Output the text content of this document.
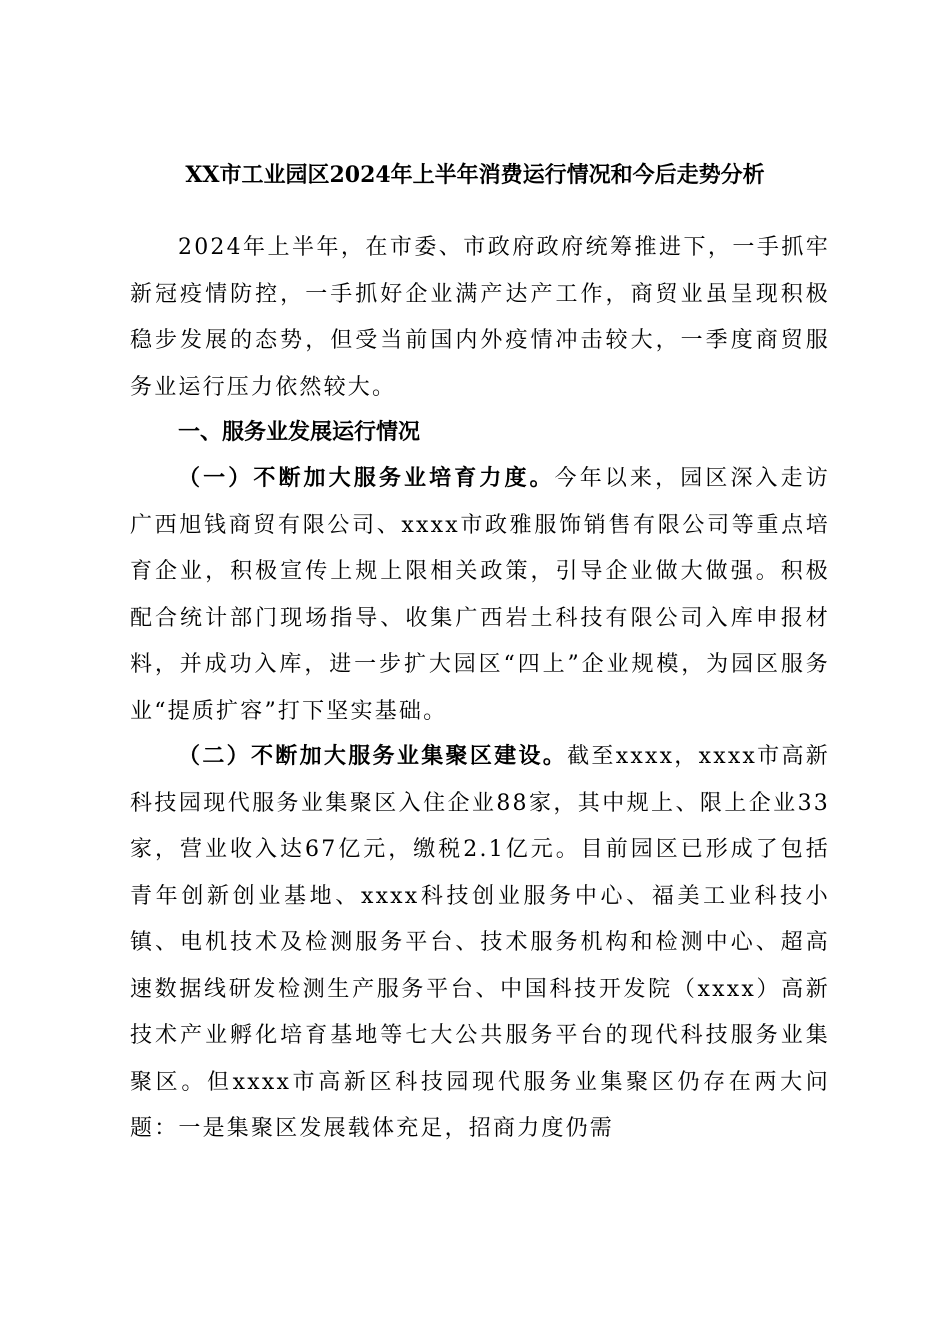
XX市工业园区2024年上半年消费运行情况和今后走势分析

2024年上半年，在市委、市政府政府统筹推进下，一手抓牢新冠疫情防控，一手抓好企业满产达产工作，商贸业虽呈现积极稳步发展的态势，但受当前国内外疫情冲击较大，一季度商贸服务业运行压力依然较大。

一、服务业发展运行情况

（一）不断加大服务业培育力度。今年以来，园区深入走访广西旭钱商贸有限公司、xxxx市政雅服饰销售有限公司等重点培育企业，积极宣传上规上限相关政策，引导企业做大做强。积极配合统计部门现场指导、收集广西岩土科技有限公司入库申报材料，并成功入库，进一步扩大园区“四上”企业规模，为园区服务业“提质扩容”打下坚实基础。

（二）不断加大服务业集聚区建设。截至xxxx，xxxx市高新科技园现代服务业集聚区入住企业88家，其中规上、限上企业33家，营业收入达67亿元，缴税2.1亿元。目前园区已形成了包括青年创新创业基地、xxxx科技创业服务中心、福美工业科技小镇、电机技术及检测服务平台、技术服务机构和检测中心、超高速数据线研发检测生产服务平台、中国科技开发院（xxxx）高新技术产业孵化培育基地等七大公共服务平台的现代科技服务业集聚区。但xxxx市高新区科技园现代服务业集聚区仍存在两大问题：一是集聚区发展载体充足，招商力度仍需
